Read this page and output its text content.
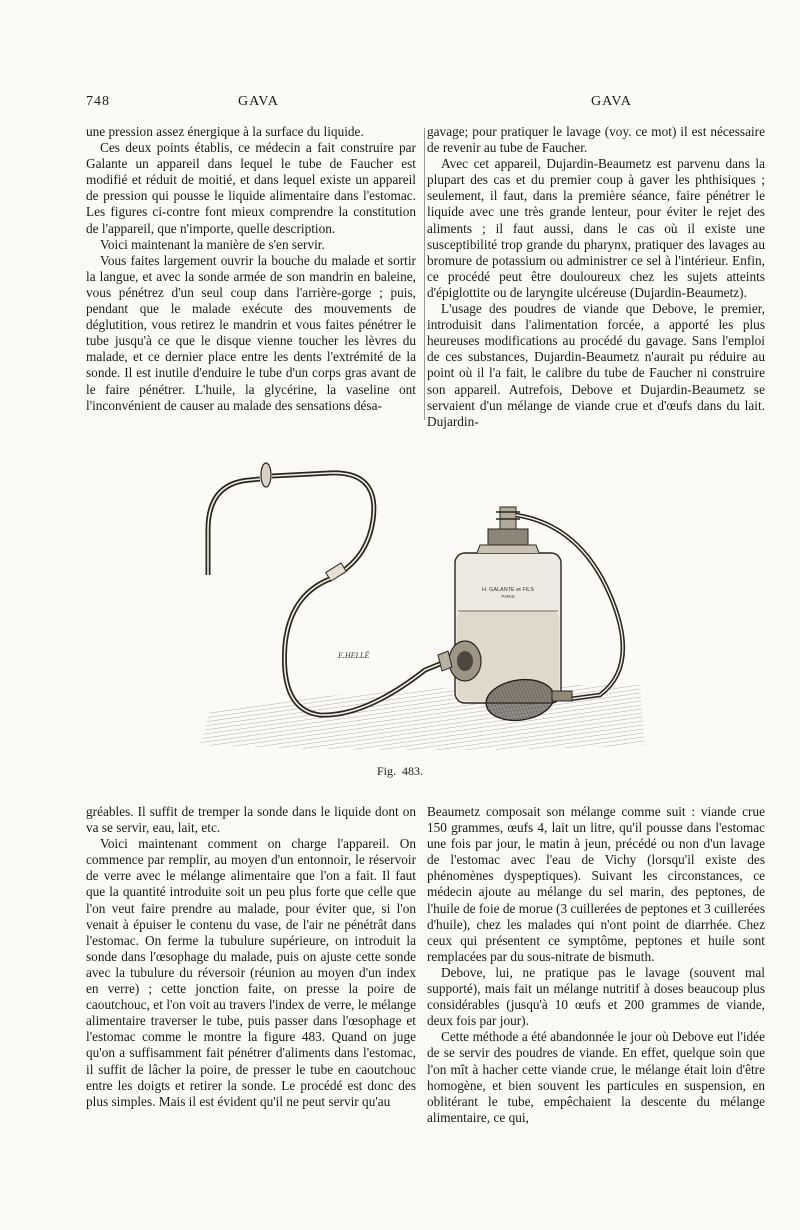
748	GAVA	GAVA

une pression assez énergique à la surface du liquide.

Ces deux points établis, ce médecin a fait construire par Galante un appareil dans lequel le tube de Faucher est modifié et réduit de moitié, et dans lequel existe un appareil de pression qui pousse le liquide alimentaire dans l'estomac. Les figures ci-contre font mieux comprendre la constitution de l'appareil, que n'importe, quelle description.

Voici maintenant la manière de s'en servir.

Vous faites largement ouvrir la bouche du malade et sortir la langue, et avec la sonde armée de son mandrin en baleine, vous pénétrez d'un seul coup dans l'arrière-gorge ; puis, pendant que le malade exécute des mouvements de déglutition, vous retirez le mandrin et vous faites pénétrer le tube jusqu'à ce que le disque vienne toucher les lèvres du malade, et ce dernier place entre les dents l'extrémité de la sonde. Il est inutile d'enduire le tube d'un corps gras avant de le faire pénétrer. L'huile, la glycérine, la vaseline ont l'inconvénient de causer au malade des sensations désa-

gavage; pour pratiquer le lavage (voy. ce mot) il est nécessaire de revenir au tube de Faucher.

Avec cet appareil, Dujardin-Beaumetz est parvenu dans la plupart des cas et du premier coup à gaver les phthisiques ; seulement, il faut, dans la première séance, faire pénétrer le liquide avec une très grande lenteur, pour éviter le rejet des aliments ; il faut aussi, dans le cas où il existe une susceptibilité trop grande du pharynx, pratiquer des lavages au bromure de potassium ou administrer ce sel à l'intérieur. Enfin, ce procédé peut être douloureux chez les sujets atteints d'épiglottite ou de laryngite ulcéreuse (Dujardin-Beaumetz).

L'usage des poudres de viande que Debove, le premier, introduisit dans l'alimentation forcée, a apporté les plus heureuses modifications au procédé du gavage. Sans l'emploi de ces substances, Dujardin-Beaumetz n'aurait pu réduire au point où il l'a fait, le calibre du tube de Faucher ni construire son appareil. Autrefois, Debove et Dujardin-Beaumetz se servaient d'un mélange de viande crue et d'œufs dans du lait. Dujardin-

H. GALANTE et FILS
PARIS
E.HELLÉ
Fig. 483.

gréables. Il suffit de tremper la sonde dans le liquide dont on va se servir, eau, lait, etc.

Voici maintenant comment on charge l'appareil. On commence par remplir, au moyen d'un entonnoir, le réservoir de verre avec le mélange alimentaire que l'on a fait. Il faut que la quantité introduite soit un peu plus forte que celle que l'on veut faire prendre au malade, pour éviter que, si l'on venait à épuiser le contenu du vase, de l'air ne pénétrât dans l'estomac. On ferme la tubulure supérieure, on introduit la sonde dans l'œsophage du malade, puis on ajuste cette sonde avec la tubulure du réversoir (réunion au moyen d'un index en verre) ; cette jonction faite, on presse la poire de caoutchouc, et l'on voit au travers l'index de verre, le mélange alimentaire traverser le tube, puis passer dans l'œsophage et l'estomac comme le montre la figure 483. Quand on juge qu'on a suffisamment fait pénétrer d'aliments dans l'estomac, il suffit de lâcher la poire, de presser le tube en caoutchouc entre les doigts et retirer la sonde. Le procédé est donc des plus simples. Mais il est évident qu'il ne peut servir qu'au

Beaumetz composait son mélange comme suit : viande crue 150 grammes, œufs 4, lait un litre, qu'il pousse dans l'estomac une fois par jour, le matin à jeun, précédé ou non d'un lavage de l'estomac avec l'eau de Vichy (lorsqu'il existe des phénomènes dyspeptiques). Suivant les circonstances, ce médecin ajoute au mélange du sel marin, des peptones, de l'huile de foie de morue (3 cuillerées de peptones et 3 cuillerées d'huile), chez les malades qui n'ont point de diarrhée. Chez ceux qui présentent ce symptôme, peptones et huile sont remplacées par du sous-nitrate de bismuth.

Debove, lui, ne pratique pas le lavage (souvent mal supporté), mais fait un mélange nutritif à doses beaucoup plus considérables (jusqu'à 10 œufs et 200 grammes de viande, deux fois par jour).

Cette méthode a été abandonnée le jour où Debove eut l'idée de se servir des poudres de viande. En effet, quelque soin que l'on mît à hacher cette viande crue, le mélange était loin d'être homogène, et bien souvent les particules en suspension, en oblitérant le tube, empêchaient la descente du mélange alimentaire, ce qui,
